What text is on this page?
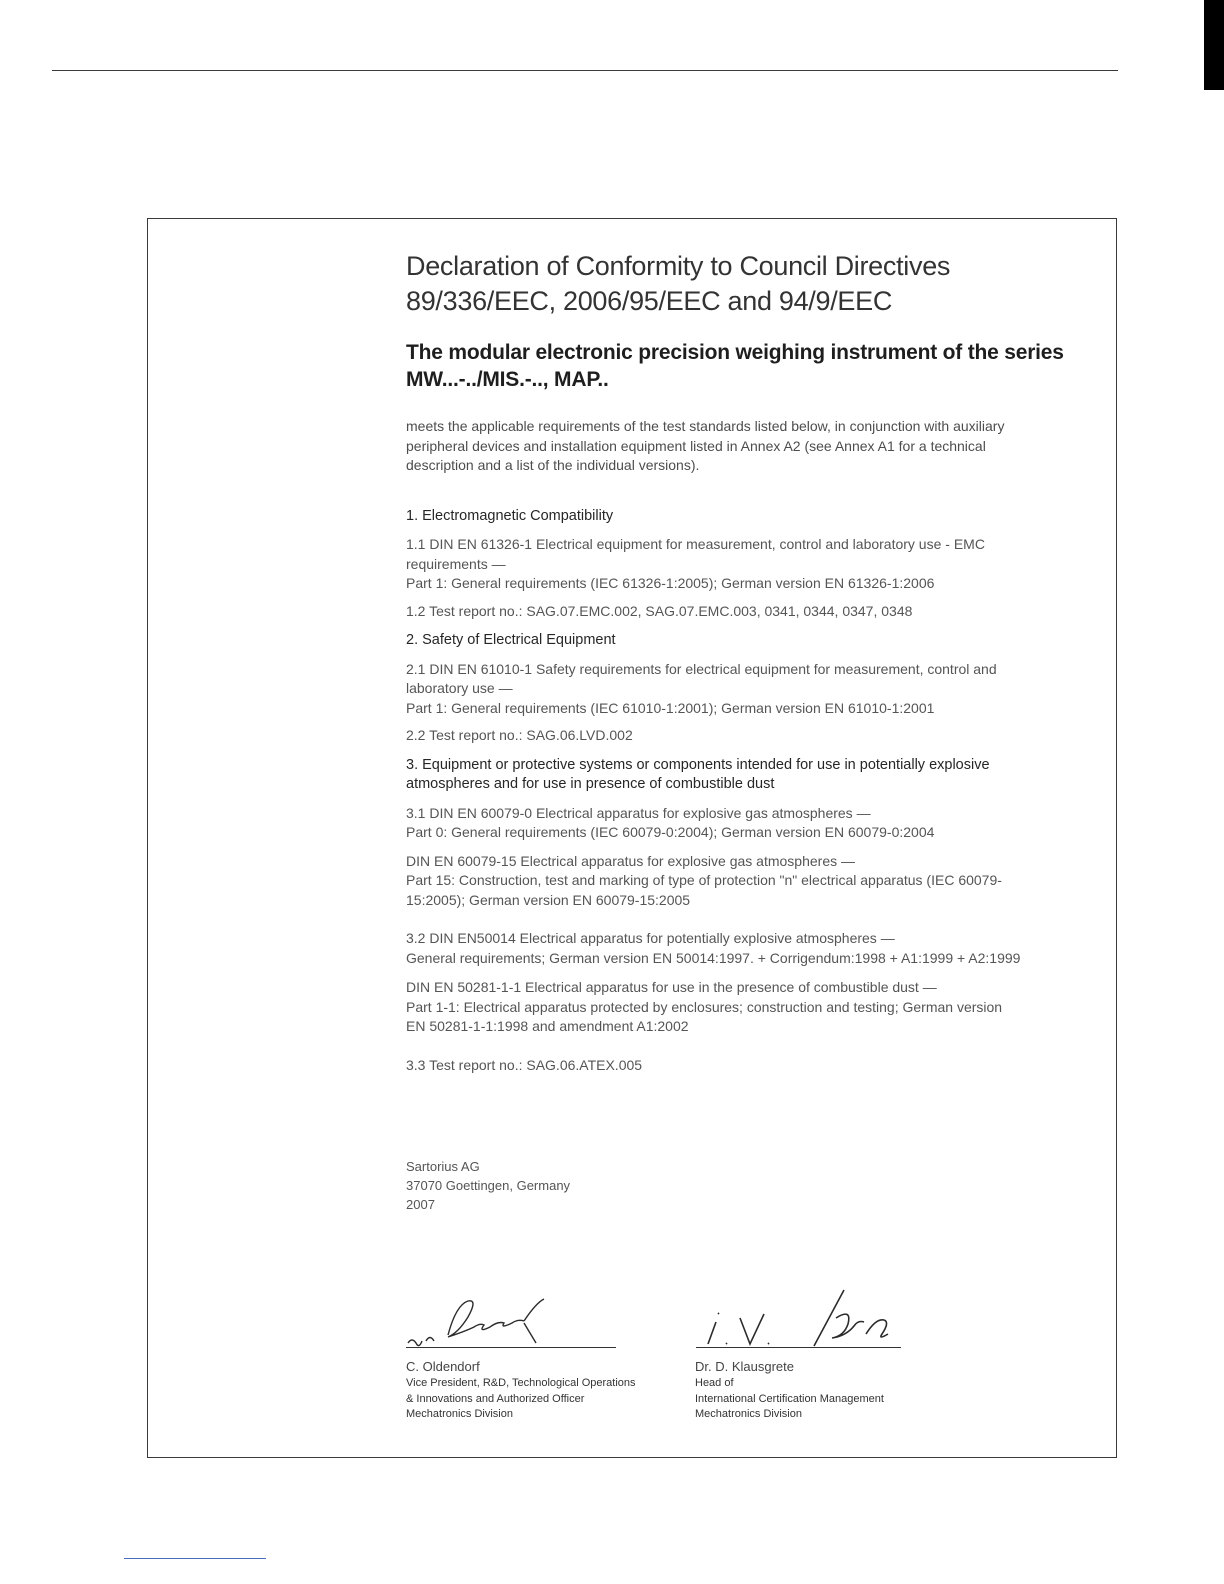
Declaration of Conformity to Council Directives
89/336/EEC, 2006/95/EEC and 94/9/EEC
The modular electronic precision weighing instrument of the series
MW...-../MIS.-.., MAP..

meets the applicable requirements of the test standards listed below, in conjunction with auxiliary
peripheral devices and installation equipment listed in Annex A2 (see Annex A1 for a technical
description and a list of the individual versions).

1. Electromagnetic Compatibility

1.1 DIN EN 61326-1 Electrical equipment for measurement, control and laboratory use - EMC
requirements —
Part 1: General requirements (IEC 61326-1:2005); German version EN 61326-1:2006

1.2 Test report no.: SAG.07.EMC.002, SAG.07.EMC.003, 0341, 0344, 0347, 0348

2. Safety of Electrical Equipment

2.1 DIN EN 61010-1 Safety requirements for electrical equipment for measurement, control and
laboratory use —
Part 1: General requirements (IEC 61010-1:2001); German version EN 61010-1:2001

2.2 Test report no.: SAG.06.LVD.002

3. Equipment or protective systems or components intended for use in potentially explosive
atmospheres and for use in presence of combustible dust

3.1 DIN EN 60079-0 Electrical apparatus for explosive gas atmospheres —
Part 0: General requirements (IEC 60079-0:2004); German version EN 60079-0:2004

DIN EN 60079-15 Electrical apparatus for explosive gas atmospheres —
Part 15: Construction, test and marking of type of protection "n" electrical apparatus (IEC 60079-
15:2005); German version EN 60079-15:2005

3.2 DIN EN50014 Electrical apparatus for potentially explosive atmospheres —
General requirements; German version EN 50014:1997. + Corrigendum:1998 + A1:1999 + A2:1999

DIN EN 50281-1-1 Electrical apparatus for use in the presence of combustible dust —
Part 1-1: Electrical apparatus protected by enclosures; construction and testing; German version
EN 50281-1-1:1998 and amendment A1:2002

3.3 Test report no.: SAG.06.ATEX.005

Sartorius AG
37070 Goettingen, Germany
2007
C. Oldendorf
Vice President, R&D, Technological Operations
& Innovations and Authorized Officer
Mechatronics Division
Dr. D. Klausgrete
Head of
International Certification Management
Mechatronics Division
